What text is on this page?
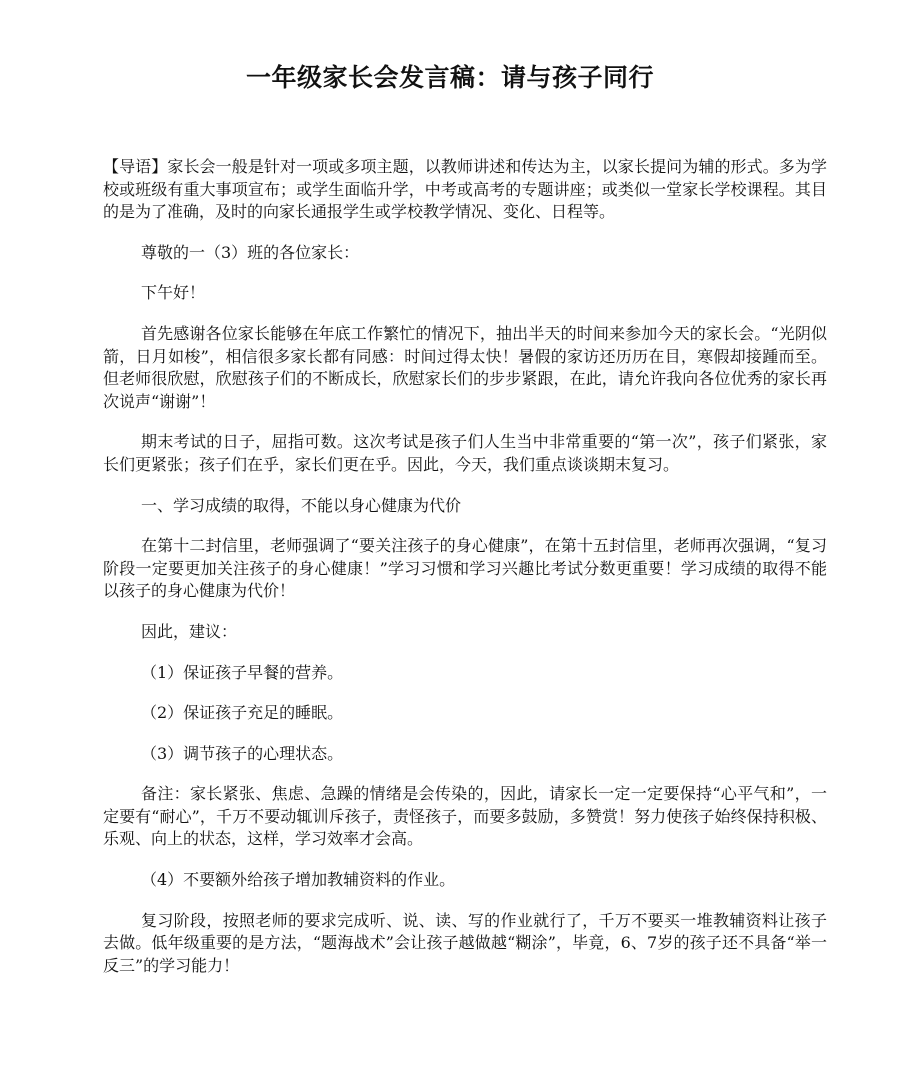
一年级家长会发言稿：请与孩子同行

【导语】家长会一般是针对一项或多项主题，以教师讲述和传达为主，以家长提问为辅的形式。多为学校或班级有重大事项宣布；或学生面临升学，中考或高考的专题讲座；或类似一堂家长学校课程。其目的是为了准确，及时的向家长通报学生或学校教学情况、变化、日程等。

尊敬的一（3）班的各位家长：

下午好！

首先感谢各位家长能够在年底工作繁忙的情况下，抽出半天的时间来参加今天的家长会。“光阴似箭，日月如梭”，相信很多家长都有同感：时间过得太快！暑假的家访还历历在目，寒假却接踵而至。但老师很欣慰，欣慰孩子们的不断成长，欣慰家长们的步步紧跟，在此，请允许我向各位优秀的家长再次说声“谢谢”！

期末考试的日子，屈指可数。这次考试是孩子们人生当中非常重要的“第一次”，孩子们紧张，家长们更紧张；孩子们在乎，家长们更在乎。因此，今天，我们重点谈谈期末复习。

一、学习成绩的取得，不能以身心健康为代价

在第十二封信里，老师强调了“要关注孩子的身心健康”，在第十五封信里，老师再次强调，“复习阶段一定要更加关注孩子的身心健康！”学习习惯和学习兴趣比考试分数更重要！学习成绩的取得不能以孩子的身心健康为代价！

因此，建议：

（1）保证孩子早餐的营养。

（2）保证孩子充足的睡眠。

（3）调节孩子的心理状态。

备注：家长紧张、焦虑、急躁的情绪是会传染的，因此，请家长一定一定要保持“心平气和”，一定要有“耐心”，千万不要动辄训斥孩子，责怪孩子，而要多鼓励，多赞赏！努力使孩子始终保持积极、乐观、向上的状态，这样，学习效率才会高。

（4）不要额外给孩子增加教辅资料的作业。

复习阶段，按照老师的要求完成听、说、读、写的作业就行了，千万不要买一堆教辅资料让孩子去做。低年级重要的是方法，“题海战术”会让孩子越做越“糊涂”，毕竟，6、7岁的孩子还不具备“举一反三”的学习能力！
